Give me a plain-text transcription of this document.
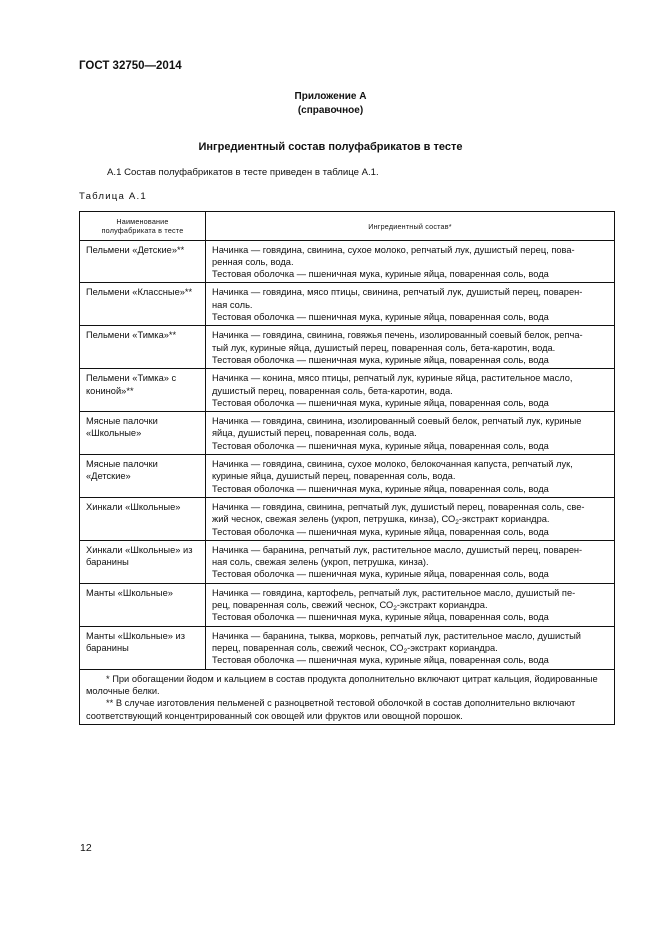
ГОСТ 32750—2014
Приложение А
(справочное)
Ингредиентный состав полуфабрикатов в тесте
А.1 Состав полуфабрикатов в тесте приведен в таблице А.1.
Таблица А.1
Наименование
полуфабриката в тесте	Ингредиентный состав*
Пельмени «Детские»**	Начинка — говядина, свинина, сухое молоко, репчатый лук, душистый перец, пова-
ренная соль, вода.
Тестовая оболочка — пшеничная мука, куриные яйца, поваренная соль, вода

Пельмени «Классные»**	Начинка — говядина, мясо птицы, свинина, репчатый лук, душистый перец, поварен-
ная соль.
Тестовая оболочка — пшеничная мука, куриные яйца, поваренная соль, вода

Пельмени «Тимка»**	Начинка — говядина, свинина, говяжья печень, изолированный соевый белок, репча-
тый лук, куриные яйца, душистый перец, поваренная соль, бета-каротин, вода.
Тестовая оболочка — пшеничная мука, куриные яйца, поваренная соль, вода

Пельмени «Тимка» с кониной»**	Начинка — конина, мясо птицы, репчатый лук, куриные яйца, растительное масло,
душистый перец, поваренная соль, бета-каротин, вода.
Тестовая оболочка — пшеничная мука, куриные яйца, поваренная соль, вода

Мясные палочки «Школьные»	Начинка — говядина, свинина, изолированный соевый белок, репчатый лук, куриные
яйца, душистый перец, поваренная соль, вода.
Тестовая оболочка — пшеничная мука, куриные яйца, поваренная соль, вода

Мясные палочки «Детские»	Начинка — говядина, свинина, сухое молоко, белокочанная капуста, репчатый лук,
куриные яйца, душистый перец, поваренная соль, вода.
Тестовая оболочка — пшеничная мука, куриные яйца, поваренная соль, вода

Хинкали «Школьные»	Начинка — говядина, свинина, репчатый лук, душистый перец, поваренная соль, све-
жий чеснок, свежая зелень (укроп, петрушка, кинза), $СО_2$-экстракт кориандра.
Тестовая оболочка — пшеничная мука, куриные яйца, поваренная соль, вода

Хинкали «Школьные» из баранины	Начинка — баранина, репчатый лук, растительное масло, душистый перец, поварен-
ная соль, свежая зелень (укроп, петрушка, кинза).
Тестовая оболочка — пшеничная мука, куриные яйца, поваренная соль, вода

Манты «Школьные»	Начинка — говядина, картофель, репчатый лук, растительное масло, душистый пе-
рец, поваренная соль, свежий чеснок, $СО_2$-экстракт кориандра.
Тестовая оболочка — пшеничная мука, куриные яйца, поваренная соль, вода

Манты «Школьные» из баранины	Начинка — баранина, тыква, морковь, репчатый лук, растительное масло, душистый
перец, поваренная соль, свежий чеснок, $СО_2$-экстракт кориандра.
Тестовая оболочка — пшеничная мука, куриные яйца, поваренная соль, вода

* При обогащении йодом и кальцием в состав продукта дополнительно включают цитрат кальция, йодированные молочные белки.

** В случае изготовления пельменей с разноцветной тестовой оболочкой в состав дополнительно включают соответствующий концентрированный сок овощей или фруктов или овощной порошок.	

12
